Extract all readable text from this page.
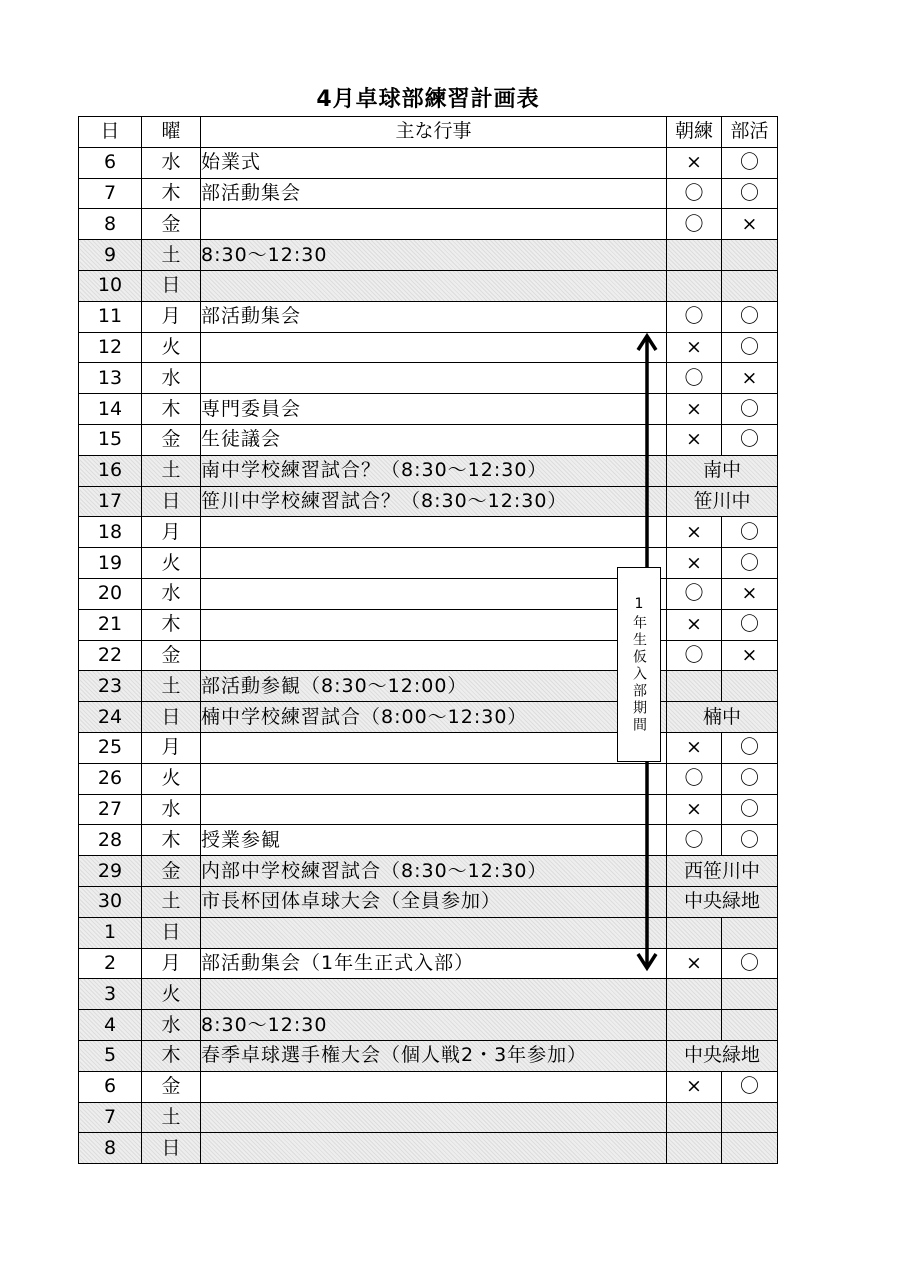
4月卓球部練習計画表
日	曜	主な行事	朝練	部活
6	水	始業式	×	〇
7	木	部活動集会	〇	〇
8	金		〇	×
9	土	8:30～12:30		
10	日			
11	月	部活動集会	〇	〇
12	火		×	〇
13	水		〇	×
14	木	専門委員会	×	〇
15	金	生徒議会	×	〇
16	土	南中学校練習試合？（8:30～12:30）	南中	
17	日	笹川中学校練習試合？（8:30～12:30）	笹川中	
18	月		×	〇
19	火		×	〇
20	水		〇	×
21	木		×	〇
22	金		〇	×
23	土	部活動参観（8:30～12:00）		
24	日	楠中学校練習試合（8:00～12:30）	楠中	
25	月		×	〇
26	火		〇	〇
27	水		×	〇
28	木	授業参観	〇	〇
29	金	内部中学校練習試合（8:30～12:30）	西笹川中	
30	土	市長杯団体卓球大会（全員参加）	中央緑地	
1	日			
2	月	部活動集会（1年生正式入部）	×	〇
3	火			
4	水	8:30～12:30		
5	木	春季卓球選手権大会（個人戦2・3年参加）	中央緑地	
6	金		×	〇
7	土			
8	日			
1年生仮入部期間
